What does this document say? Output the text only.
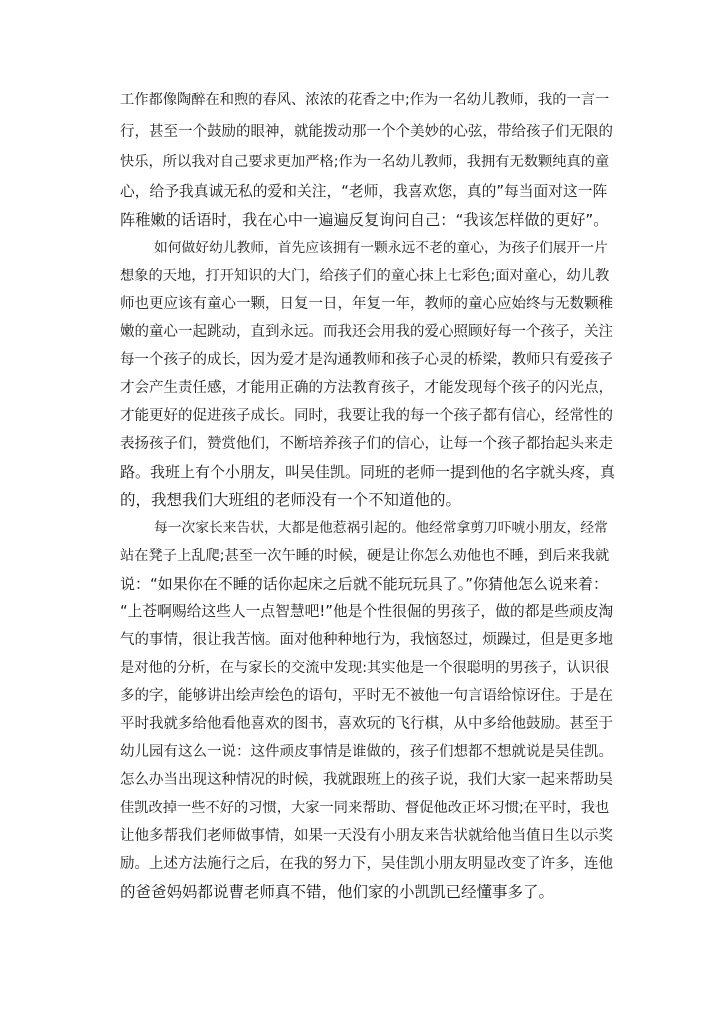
工作都像陶醉在和煦的春风、浓浓的花香之中;作为一名幼儿教师，我的一言一
行，甚至一个鼓励的眼神，就能拨动那一个个美妙的心弦，带给孩子们无限的
快乐，所以我对自己要求更加严格;作为一名幼儿教师，我拥有无数颗纯真的童
心，给予我真诚无私的爱和关注，“老师，我喜欢您，真的”每当面对这一阵
阵稚嫩的话语时，我在心中一遍遍反复询问自己：“我该怎样做的更好”。
如何做好幼儿教师，首先应该拥有一颗永远不老的童心，为孩子们展开一片
想象的天地，打开知识的大门，给孩子们的童心抹上七彩色;面对童心，幼儿教
师也更应该有童心一颗，日复一日，年复一年，教师的童心应始终与无数颗稚
嫩的童心一起跳动，直到永远。而我还会用我的爱心照顾好每一个孩子，关注
每一个孩子的成长，因为爱才是沟通教师和孩子心灵的桥梁，教师只有爱孩子
才会产生责任感，才能用正确的方法教育孩子，才能发现每个孩子的闪光点，
才能更好的促进孩子成长。同时，我要让我的每一个孩子都有信心，经常性的
表扬孩子们，赞赏他们，不断培养孩子们的信心，让每一个孩子都抬起头来走
路。我班上有个小朋友，叫吴佳凯。同班的老师一提到他的名字就头疼，真
的，我想我们大班组的老师没有一个不知道他的。
每一次家长来告状，大都是他惹祸引起的。他经常拿剪刀吓唬小朋友，经常
站在凳子上乱爬;甚至一次午睡的时候，硬是让你怎么劝他也不睡，到后来我就
说：“如果你在不睡的话你起床之后就不能玩玩具了。”你猜他怎么说来着：
“上苍啊赐给这些人一点智慧吧!”他是个性很倔的男孩子，做的都是些顽皮淘
气的事情，很让我苦恼。面对他种种地行为，我恼怒过，烦躁过，但是更多地
是对他的分析，在与家长的交流中发现:其实他是一个很聪明的男孩子，认识很
多的字，能够讲出绘声绘色的语句，平时无不被他一句言语给惊讶住。于是在
平时我就多给他看他喜欢的图书，喜欢玩的飞行棋，从中多给他鼓励。甚至于
幼儿园有这么一说：这件顽皮事情是谁做的，孩子们想都不想就说是吴佳凯。
怎么办当出现这种情况的时候，我就跟班上的孩子说，我们大家一起来帮助吴
佳凯改掉一些不好的习惯，大家一同来帮助、督促他改正坏习惯;在平时，我也
让他多帮我们老师做事情，如果一天没有小朋友来告状就给他当值日生以示奖
励。上述方法施行之后，在我的努力下，吴佳凯小朋友明显改变了许多，连他
的爸爸妈妈都说曹老师真不错，他们家的小凯凯已经懂事多了。
